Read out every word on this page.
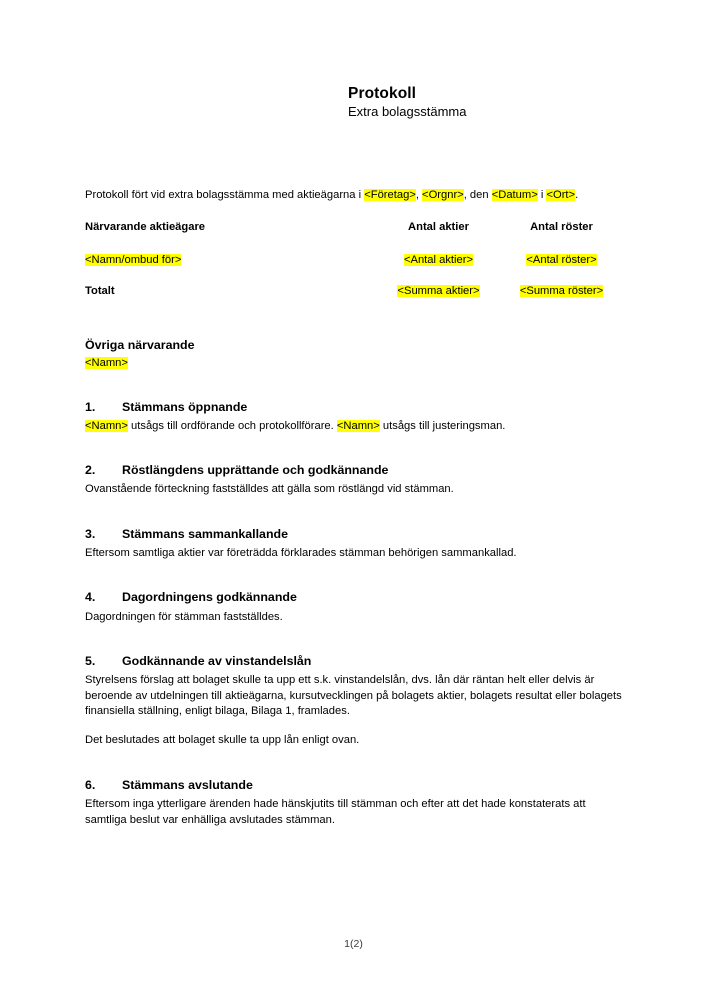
Protokoll
Extra bolagsstämma

Protokoll fört vid extra bolagsstämma med aktieägarna i <Företag>, <Orgnr>, den <Datum> i <Ort>.

Närvarande aktieägare	Antal aktier	Antal röster
<Namn/ombud för>	<Antal aktier>	<Antal röster>
Totalt	<Summa aktier>	<Summa röster>
Övriga närvarande

<Namn>

1.	Stämmans öppnande

<Namn> utsågs till ordförande och protokollförare. <Namn> utsågs till justeringsman.

2.	Röstlängdens upprättande och godkännande

Ovanstående förteckning fastställdes att gälla som röstlängd vid stämman.

3.	Stämmans sammankallande

Eftersom samtliga aktier var företrädda förklarades stämman behörigen sammankallad.

4.	Dagordningens godkännande

Dagordningen för stämman fastställdes.

5.	Godkännande av vinstandelslån

Styrelsens förslag att bolaget skulle ta upp ett s.k. vinstandelslån, dvs. lån där räntan helt eller delvis är beroende av utdelningen till aktieägarna, kursutvecklingen på bolagets aktier, bolagets resultat eller bolagets finansiella ställning, enligt bilaga, Bilaga 1, framlades.

Det beslutades att bolaget skulle ta upp lån enligt ovan.

6.	Stämmans avslutande

Eftersom inga ytterligare ärenden hade hänskjutits till stämman och efter att det hade konstaterats att samtliga beslut var enhälliga avslutades stämman.

1(2)
